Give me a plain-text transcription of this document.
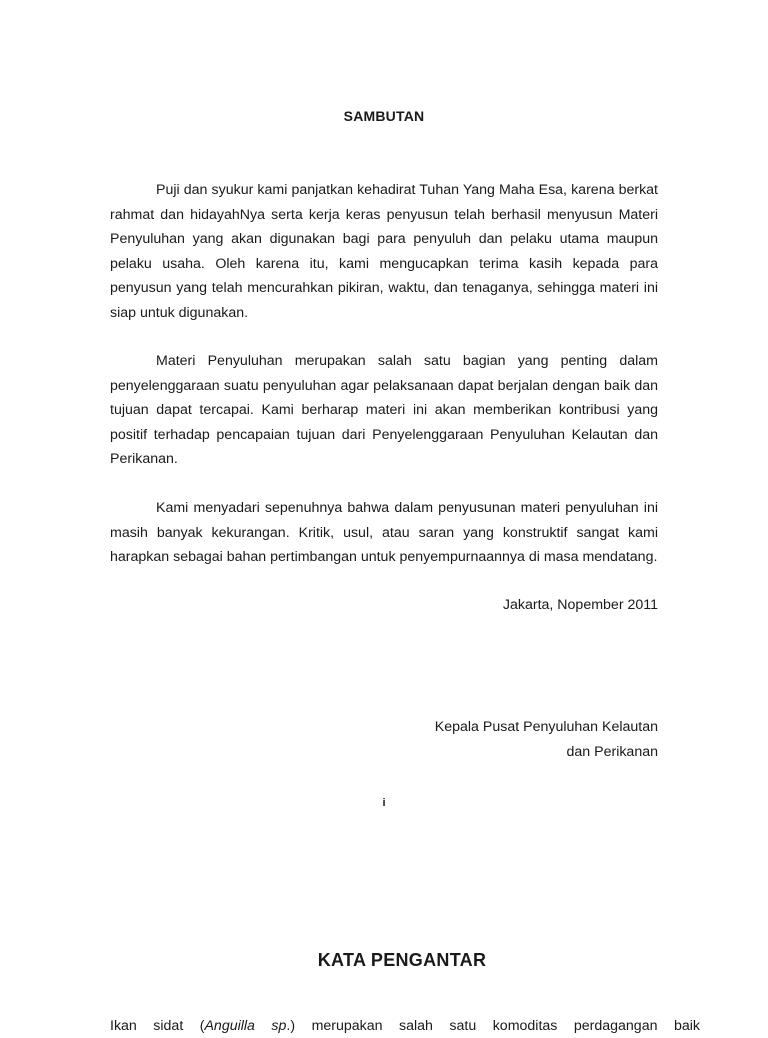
SAMBUTAN

Puji dan syukur kami panjatkan kehadirat Tuhan Yang Maha Esa, karena berkat rahmat dan hidayahNya serta kerja keras penyusun telah berhasil menyusun Materi Penyuluhan yang akan digunakan bagi para penyuluh dan pelaku utama maupun pelaku usaha. Oleh karena itu, kami mengucapkan terima kasih kepada para penyusun yang telah mencurahkan pikiran, waktu, dan tenaganya, sehingga materi ini siap untuk digunakan.

Materi Penyuluhan merupakan salah satu bagian yang penting dalam penyelenggaraan suatu penyuluhan agar pelaksanaan dapat berjalan dengan baik dan tujuan dapat tercapai. Kami berharap materi ini akan memberikan kontribusi yang positif terhadap pencapaian tujuan dari Penyelenggaraan Penyuluhan Kelautan dan Perikanan.

Kami menyadari sepenuhnya bahwa dalam penyusunan materi penyuluhan ini masih banyak kekurangan. Kritik, usul, atau saran yang konstruktif sangat kami harapkan sebagai bahan pertimbangan untuk penyempurnaannya di masa mendatang.

Jakarta, Nopember 2011
Kepala Pusat Penyuluhan Kelautan
dan Perikanan
i
KATA PENGANTAR
Ikan sidat (Anguilla sp.) merupakan salah satu komoditas perdagangan baik
